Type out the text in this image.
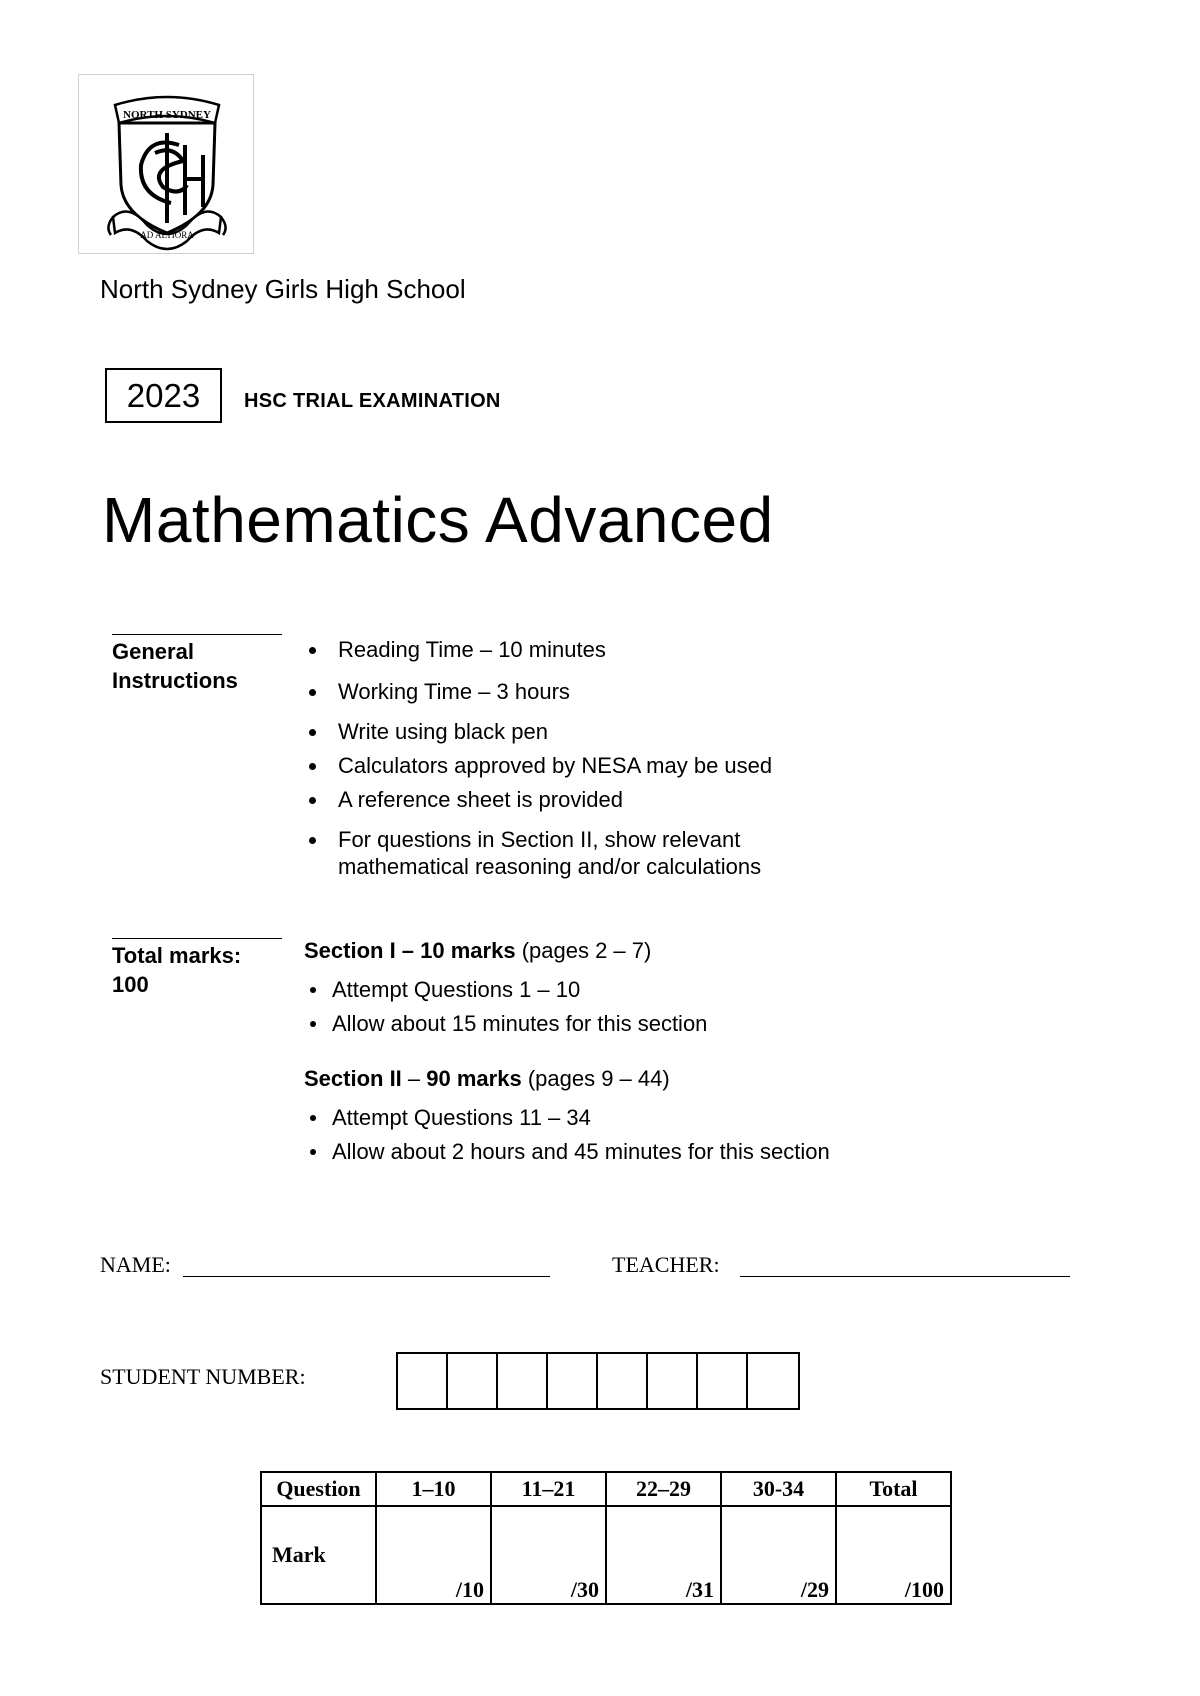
NORTH SYDNEY
AD ALTIORA
North Sydney Girls High School
2023	HSC TRIAL EXAMINATION
Mathematics Advanced
General
Instructions
Reading Time – 10 minutes
Working Time – 3 hours
Write using black pen
Calculators approved by NESA may be used
A reference sheet is provided
For questions in Section II, show relevant mathematical reasoning and/or calculations
Total marks:
100
Section I – 10 marks (pages 2 – 7)
Attempt Questions 1 – 10
Allow about 15 minutes for this section
Section II – 90 marks (pages 9 – 44)
Attempt Questions 11 – 34
Allow about 2 hours and 45 minutes for this section
NAME:	TEACHER:
STUDENT NUMBER:
Question	1–10	11–21	22–29	30-34	Total
Mark	/10	/30	/31	/29	/100
